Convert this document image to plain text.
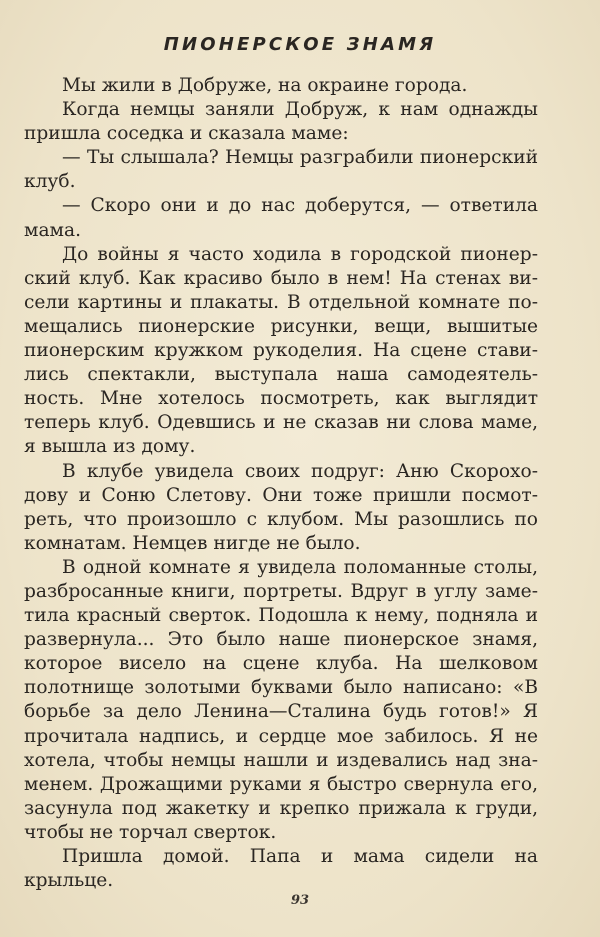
ПИОНЕРСКОЕ ЗНАМЯ

Мы жили в Добруже, на окраине города.

Когда немцы заняли Добруж, к нам однажды пришла соседка и сказала маме:

— Ты слышала? Немцы разграбили пионерский клуб.

— Скоро они и до нас доберутся, — ответила мама.

До войны я часто ходила в городской пионерский клуб. Как красиво было в нем! На стенах висели картины и плакаты. В отдельной комнате помещались пионерские рисунки, вещи, вышитые пионерским кружком рукоделия. На сцене ставились спектакли, выступала наша самодеятельность. Мне хотелось посмотреть, как выглядит теперь клуб. Одевшись и не сказав ни слова маме, я вышла из дому.

В клубе увидела своих подруг: Аню Скороходову и Соню Слетову. Они тоже пришли посмотреть, что произошло с клубом. Мы разошлись по комнатам. Немцев нигде не было.

В одной комнате я увидела поломанные столы, разбросанные книги, портреты. Вдруг в углу заметила красный сверток. Подошла к нему, подняла и развернула... Это было наше пионерское знамя, которое висело на сцене клуба. На шелковом полотнище золотыми буквами было написано: «В борьбе за дело Ленина—Сталина будь готов!» Я прочитала надпись, и сердце мое забилось. Я не хотела, чтобы немцы нашли и издевались над знаменем. Дрожащими руками я быстро свернула его, засунула под жакетку и крепко прижала к груди, чтобы не торчал сверток.

Пришла домой. Папа и мама сидели на крыльце.

93
